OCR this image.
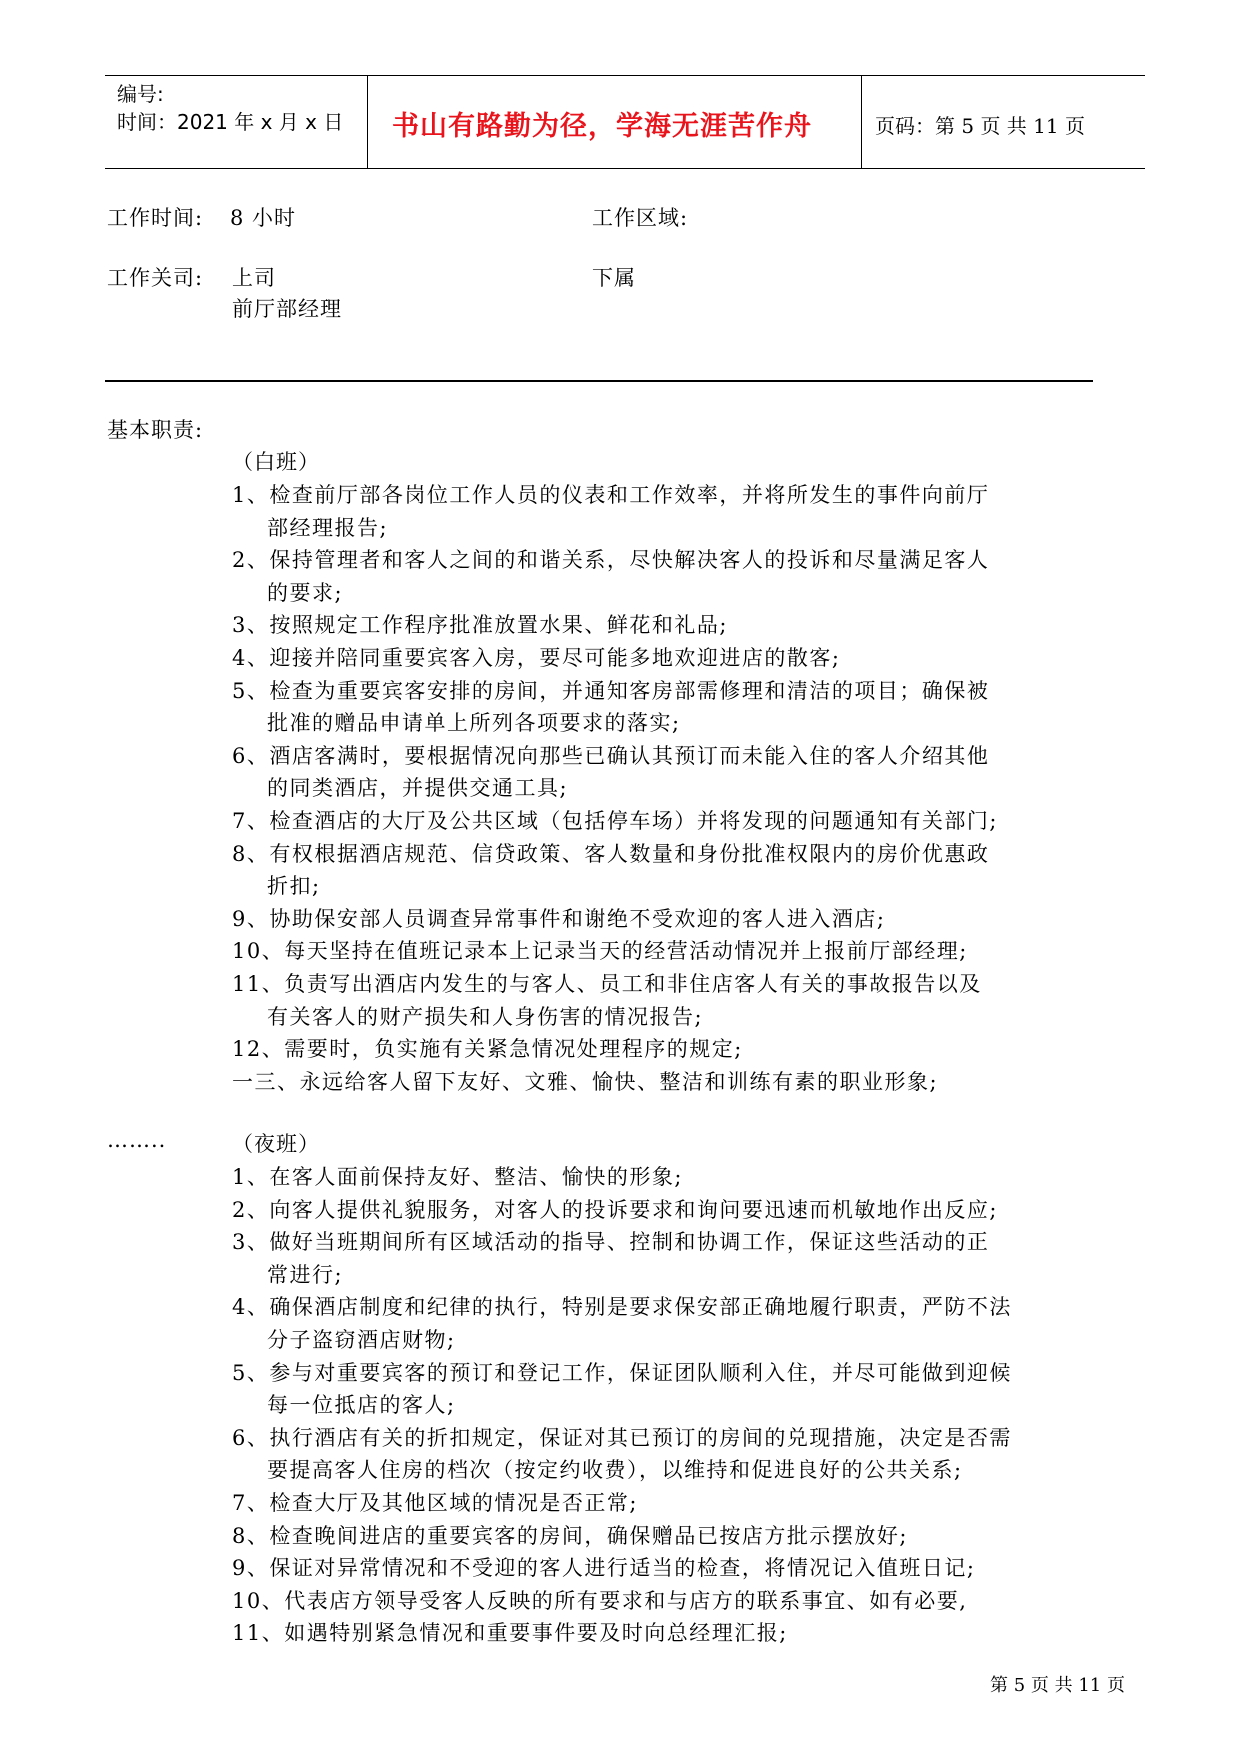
编号:
时间：2021 年 x 月 x 日 书山有路勤为径，学海无涯苦作舟	页码：第 5 页 共 11 页
工作时间: 8 小时	工作区域:
工作关司: 上司	下属
前厅部经理
基本职责:
（白班）
1、检查前厅部各岗位工作人员的仪表和工作效率，并将所发生的事件向前厅
部经理报告;
2、保持管理者和客人之间的和谐关系，尽快解决客人的投诉和尽量满足客人
的要求;
3、按照规定工作程序批准放置水果、鲜花和礼品;
4、迎接并陪同重要宾客入房，要尽可能多地欢迎进店的散客;
5、检查为重要宾客安排的房间，并通知客房部需修理和清洁的项目；确保被
批准的赠品申请单上所列各项要求的落实;
6、酒店客满时，要根据情况向那些已确认其预订而未能入住的客人介绍其他
的同类酒店，并提供交通工具;
7、检查酒店的大厅及公共区域（包括停车场）并将发现的问题通知有关部门;
8、有权根据酒店规范、信贷政策、客人数量和身份批准权限内的房价优惠政
折扣;
9、协助保安部人员调查异常事件和谢绝不受欢迎的客人进入酒店;
10、每天坚持在值班记录本上记录当天的经营活动情况并上报前厅部经理;
11、负责写出酒店内发生的与客人、员工和非住店客人有关的事故报告以及
有关客人的财产损失和人身伤害的情况报告;
12、需要时，负实施有关紧急情况处理程序的规定;
一三、永远给客人留下友好、文雅、愉快、整洁和训练有素的职业形象;
……..	（夜班）
1、在客人面前保持友好、整洁、愉快的形象;
2、向客人提供礼貌服务，对客人的投诉要求和询问要迅速而机敏地作出反应;
3、做好当班期间所有区域活动的指导、控制和协调工作，保证这些活动的正
常进行;
4、确保酒店制度和纪律的执行，特别是要求保安部正确地履行职责，严防不法
分子盗窃酒店财物;
5、参与对重要宾客的预订和登记工作，保证团队顺利入住，并尽可能做到迎候
每一位抵店的客人;
6、执行酒店有关的折扣规定，保证对其已预订的房间的兑现措施，决定是否需
要提高客人住房的档次（按定约收费），以维持和促进良好的公共关系;
7、检查大厅及其他区域的情况是否正常;
8、检查晚间进店的重要宾客的房间，确保赠品已按店方批示摆放好;
9、保证对异常情况和不受迎的客人进行适当的检查，将情况记入值班日记;
10、代表店方领导受客人反映的所有要求和与店方的联系事宜、如有必要,
11、如遇特别紧急情况和重要事件要及时向总经理汇报;
第 5 页 共 11 页
